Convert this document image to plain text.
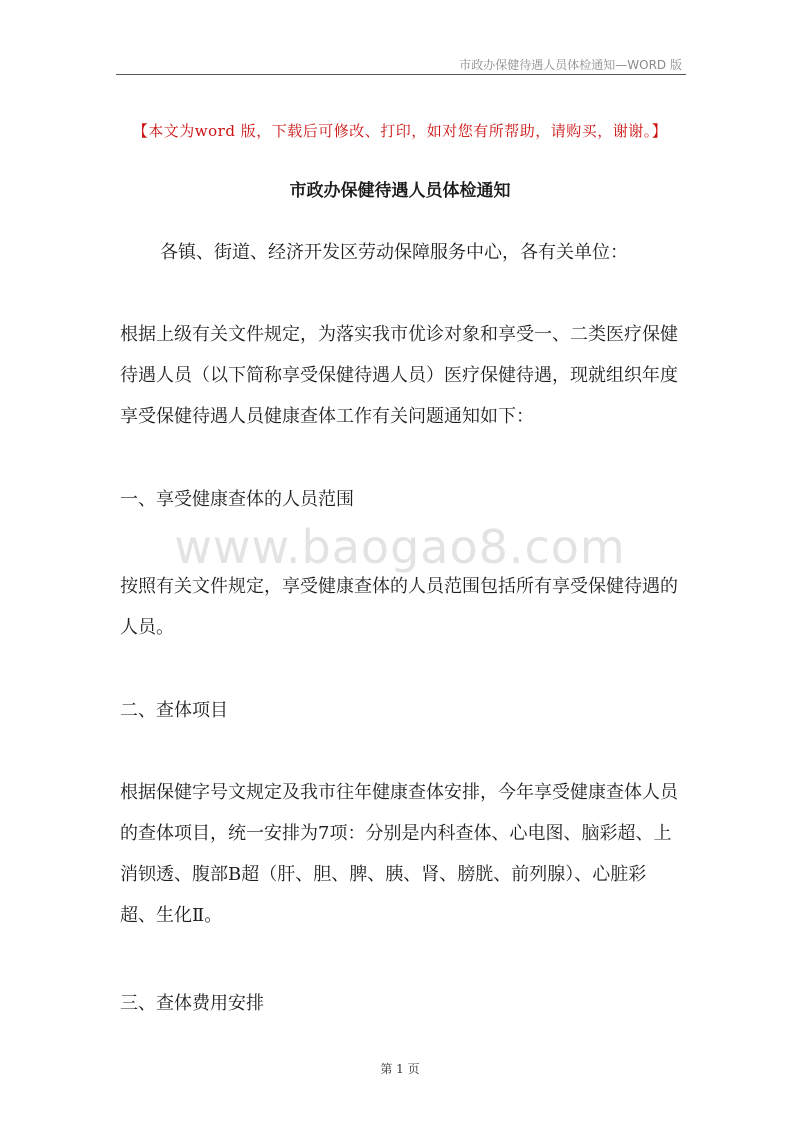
市政办保健待遇人员体检通知—WORD 版
【本文为word 版，下载后可修改、打印，如对您有所帮助，请购买，谢谢。】
市政办保健待遇人员体检通知
各镇、街道、经济开发区劳动保障服务中心，各有关单位：
根据上级有关文件规定，为落实我市优诊对象和享受一、二类医疗保健待遇人员（以下简称享受保健待遇人员）医疗保健待遇，现就组织年度享受保健待遇人员健康查体工作有关问题通知如下：
一、享受健康查体的人员范围
www.baogao8.com
按照有关文件规定，享受健康查体的人员范围包括所有享受保健待遇的人员。
二、查体项目
根据保健字号文规定及我市往年健康查体安排，今年享受健康查体人员的查体项目，统一安排为7项：分别是内科查体、心电图、脑彩超、上消钡透、腹部B超（肝、胆、脾、胰、肾、膀胱、前列腺）、心脏彩超、生化Ⅱ。
三、查体费用安排
第 1 页
